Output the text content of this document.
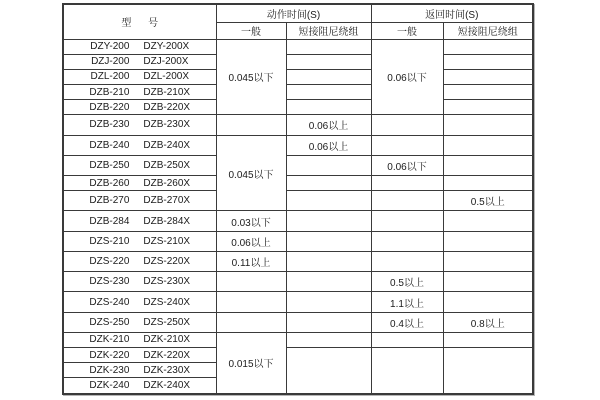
型 号	动作时间(S)		返回时间(S)	
	一般	短接阻尼绕组	一般	短接阻尼绕组
DZY-200 DZY-200X	0.045以下		0.06以下	
DZJ-200 DZJ-200X				
DZL-200 DZL-200X				
DZB-210 DZB-210X				
DZB-220 DZB-220X				
DZB-230 DZB-230X		0.06以上		
DZB-240 DZB-240X	0.045以下	0.06以上		
DZB-250 DZB-250X			0.06以下	
DZB-260 DZB-260X				
DZB-270 DZB-270X				0.5以上
DZB-284 DZB-284X	0.03以下			
DZS-210 DZS-210X	0.06以上			
DZS-220 DZS-220X	0.11以上			
DZS-230 DZS-230X			0.5以上	
DZS-240 DZS-240X			1.1以上	
DZS-250 DZS-250X			0.4以上	0.8以上
DZK-210 DZK-210X	0.015以下			
DZK-220 DZK-220X				
DZK-230 DZK-230X				
DZK-240 DZK-240X				
